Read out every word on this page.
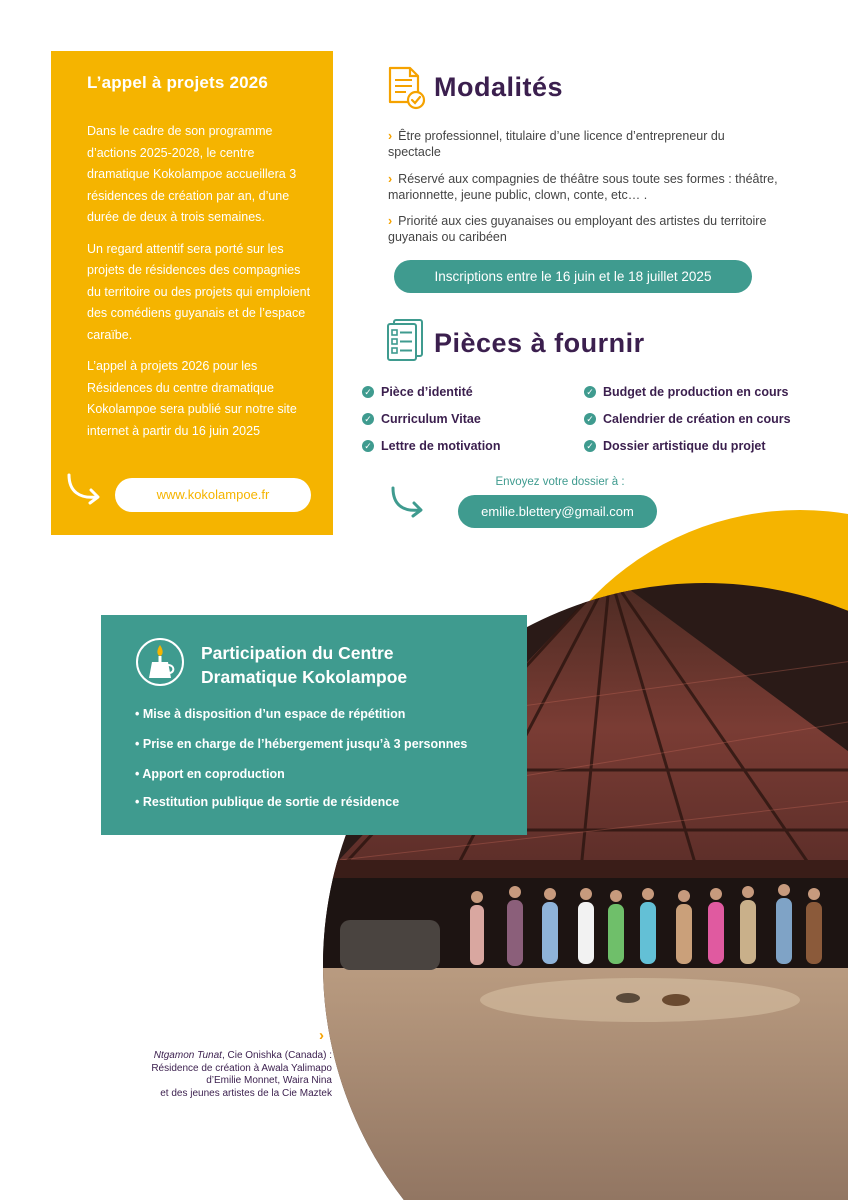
L’appel à projets 2026

Dans le cadre de son programme d’actions 2025-2028, le centre dramatique Kokolampoe accueillera 3 résidences de création par an, d’une durée de deux à trois semaines.

Un regard attentif sera porté sur les projets de résidences des compagnies du territoire ou des projets qui emploient des comédiens guyanais et de l’espace caraïbe.

L’appel à projets 2026 pour les Résidences du centre dramatique Kokolampoe sera publié sur notre site internet à partir du 16 juin 2025

www.kokolampoe.fr
Modalités
› Être professionnel, titulaire d’une licence d’entrepreneur du spectacle
› Réservé aux compagnies de théâtre sous toute ses formes : théâtre, marionnette, jeune public, clown, conte, etc… .
› Priorité aux cies guyanaises ou employant des artistes du territoire guyanais ou caribéen
Inscriptions entre le 16 juin et le 18 juillet 2025
Pièces à fournir
✓ Pièce d’identité
✓ Curriculum Vitae
✓ Lettre de motivation
✓ Budget de production en cours
✓ Calendrier de création en cours
✓ Dossier artistique du projet
Envoyez votre dossier à :
emilie.blettery@gmail.com
Participation du Centre
Dramatique Kokolampoe
• Mise à disposition d’un espace de répétition
• Prise en charge de l’hébergement jusqu’à 3 personnes
• Apport en coproduction
• Restitution publique de sortie de résidence
›
Ntgamon Tunat, Cie Onishka (Canada) :
Résidence de création à Awala Yalimapo
d’Emilie Monnet, Waira Nina
et des jeunes artistes de la Cie Maztek
